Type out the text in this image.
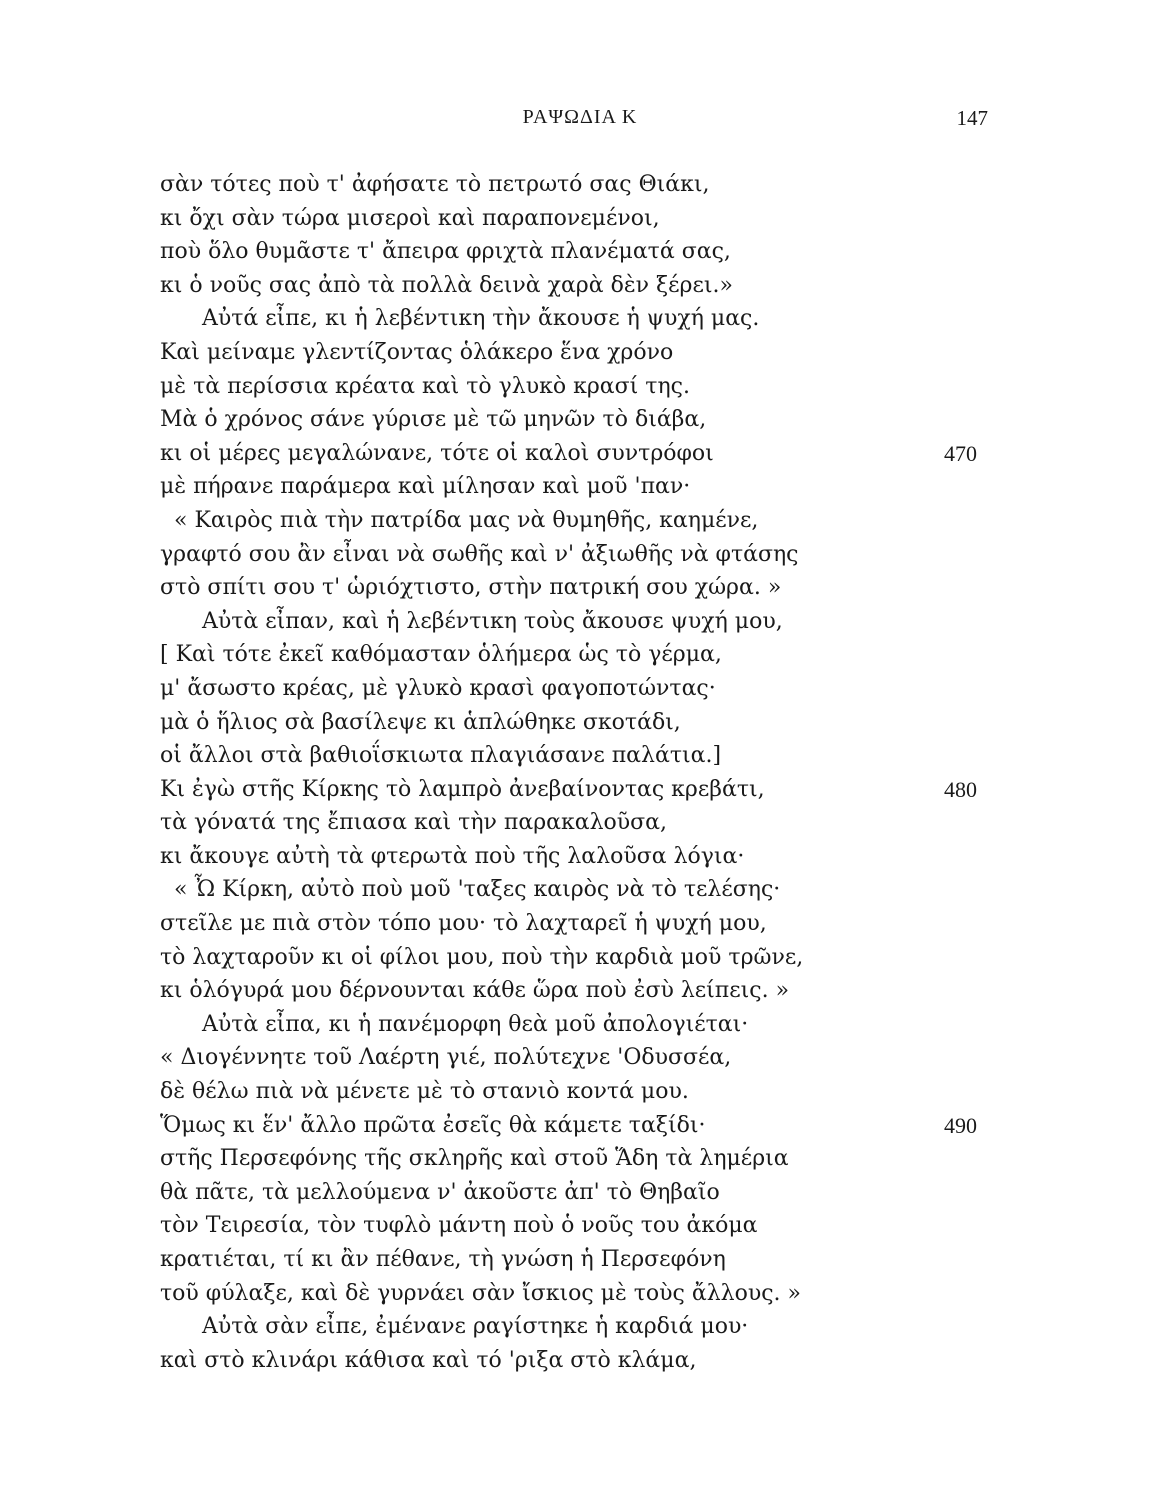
ΡΑΨΩΔΙΑ Κ	147
σὰν τότες ποὺ τ' ἀφήσατε τὸ πετρωτό σας Θιάκι,
κι ὄχι σὰν τώρα μισεροὶ καὶ παραπονεμένοι,
ποὺ ὅλο θυμᾶστε τ' ἄπειρα φριχτὰ πλανέματά σας,
κι ὁ νοῦς σας ἀπὸ τὰ πολλὰ δεινὰ χαρὰ δὲν ξέρει.»
Αὐτά εἶπε, κι ἡ λεβέντικη τὴν ἄκουσε ἡ ψυχή μας.
Καὶ μείναμε γλεντίζοντας ὁλάκερο ἕνα χρόνο
μὲ τὰ περίσσια κρέατα καὶ τὸ γλυκὸ κρασί της.
Μὰ ὁ χρόνος σάνε γύρισε μὲ τῶ μηνῶν τὸ διάβα,
κι οἱ μέρες μεγαλώνανε, τότε οἱ καλοὶ συντρόφοι	470
μὲ πήρανε παράμερα καὶ μίλησαν καὶ μοῦ 'παν·
« Καιρὸς πιὰ τὴν πατρίδα μας νὰ θυμηθῆς, καημένε,
γραφτό σου ἂν εἶναι νὰ σωθῆς καὶ ν' ἀξιωθῆς νὰ φτάσης
στὸ σπίτι σου τ' ὡριόχτιστο, στὴν πατρική σου χώρα. »
Αὐτὰ εἶπαν, καὶ ἡ λεβέντικη τοὺς ἄκουσε ψυχή μου,
[ Καὶ τότε ἐκεῖ καθόμασταν ὁλήμερα ὡς τὸ γέρμα,
μ' ἄσωστο κρέας, μὲ γλυκὸ κρασὶ φαγοποτώντας·
μὰ ὁ ἥλιος σὰ βασίλεψε κι ἁπλώθηκε σκοτάδι,
οἱ ἄλλοι στὰ βαθιοΐσκιωτα πλαγιάσανε παλάτια.]
Κι ἐγὼ στῆς Κίρκης τὸ λαμπρὸ ἀνεβαίνοντας κρεβάτι,	480
τὰ γόνατά της ἔπιασα καὶ τὴν παρακαλοῦσα,
κι ἄκουγε αὐτὴ τὰ φτερωτὰ ποὺ τῆς λαλοῦσα λόγια·
« Ὦ Κίρκη, αὐτὸ ποὺ μοῦ 'ταξες καιρὸς νὰ τὸ τελέσης·
στεῖλε με πιὰ στὸν τόπο μου· τὸ λαχταρεῖ ἡ ψυχή μου,
τὸ λαχταροῦν κι οἱ φίλοι μου, ποὺ τὴν καρδιὰ μοῦ τρῶνε,
κι ὁλόγυρά μου δέρνουνται κάθε ὥρα ποὺ ἐσὺ λείπεις. »
Αὐτὰ εἶπα, κι ἡ πανέμορφη θεὰ μοῦ ἀπολογιέται·
« Διογέννητε τοῦ Λαέρτη γιέ, πολύτεχνε 'Οδυσσέα,
δὲ θέλω πιὰ νὰ μένετε μὲ τὸ στανιὸ κοντά μου.
Ὅμως κι ἕν' ἄλλο πρῶτα ἐσεῖς θὰ κάμετε ταξίδι·	490
στῆς Περσεφόνης τῆς σκληρῆς καὶ στοῦ Ἅδη τὰ λημέρια
θὰ πᾶτε, τὰ μελλούμενα ν' ἀκοῦστε ἀπ' τὸ Θηβαῖο
τὸν Τειρεσία, τὸν τυφλὸ μάντη ποὺ ὁ νοῦς του ἀκόμα
κρατιέται, τί κι ἂν πέθανε, τὴ γνώση ἡ Περσεφόνη
τοῦ φύλαξε, καὶ δὲ γυρνάει σὰν ἴσκιος μὲ τοὺς ἄλλους. »
Αὐτὰ σὰν εἶπε, ἐμένανε ραγίστηκε ἡ καρδιά μου·
καὶ στὸ κλινάρι κάθισα καὶ τό 'ριξα στὸ κλάμα,
